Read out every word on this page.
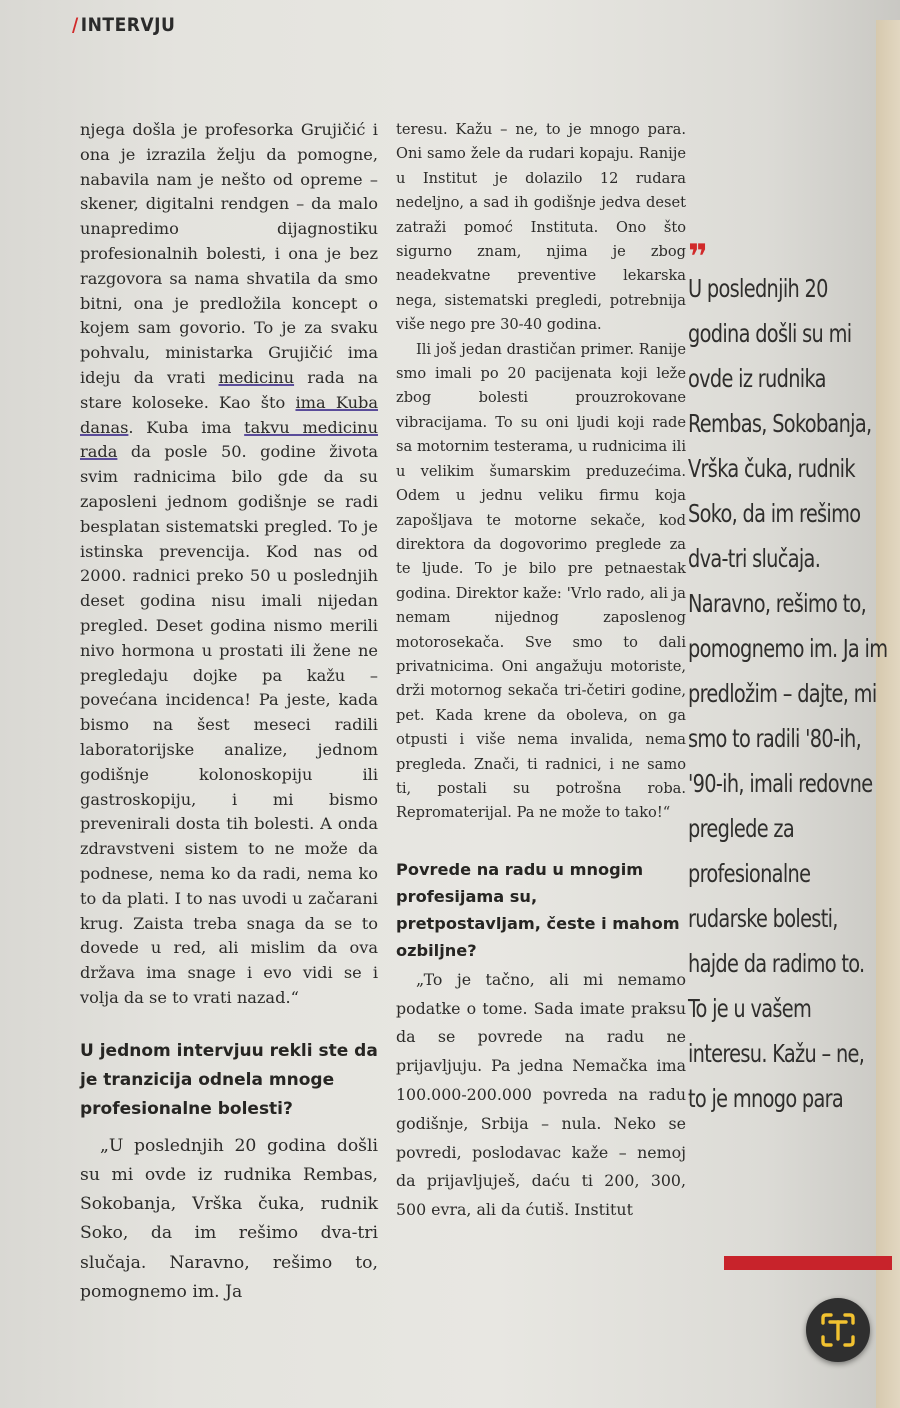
/ INTERVJU

njega došla je profesorka Grujičić i ona je izrazila želju da pomogne, nabavila nam je nešto od opreme – skener, digitalni rendgen – da malo unapredimo dijagnostiku profesionalnih bolesti, i ona je bez razgovora sa nama shvatila da smo bitni, ona je predložila koncept o kojem sam govorio. To je za svaku pohvalu, ministarka Grujičić ima ideju da vrati medicinu rada na stare koloseke. Kao što ima Kuba danas. Kuba ima takvu medicinu rada da posle 50. godine života svim radnicima bilo gde da su zaposleni jednom godišnje se radi besplatan sistematski pregled. To je istinska prevencija. Kod nas od 2000. radnici preko 50 u poslednjih deset godina nisu imali nijedan pregled. Deset godina nismo merili nivo hormona u prostati ili žene ne pregledaju dojke pa kažu – povećana incidenca! Pa jeste, kada bismo na šest meseci radili laboratorijske analize, jednom godišnje kolonoskopiju ili gastroskopiju, i mi bismo prevenirali dosta tih bolesti. A onda zdravstveni sistem to ne može da podnese, nema ko da radi, nema ko to da plati. I to nas uvodi u začarani krug. Zaista treba snaga da se to dovede u red, ali mislim da ova država ima snage i evo vidi se i volja da se to vrati nazad.“

U jednom intervjuu rekli ste da je tranzicija odnela mnoge profesionalne bolesti?

„U poslednjih 20 godina došli su mi ovde iz rudnika Rembas, Sokobanja, Vrška čuka, rudnik Soko, da im rešimo dva-tri slučaja. Naravno, rešimo to, pomognemo im. Ja

teresu. Kažu – ne, to je mnogo para. Oni samo žele da rudari kopaju. Ranije u Institut je dolazilo 12 rudara nedeljno, a sad ih godišnje jedva deset zatraži pomoć Instituta. Ono što sigurno znam, njima je zbog neadekvatne preventive lekarska nega, sistematski pregledi, potrebnija više nego pre 30-40 godina.

Ili još jedan drastičan primer. Ranije smo imali po 20 pacijenata koji leže zbog bolesti prouzrokovane vibracijama. To su oni ljudi koji rade sa motornim testerama, u rudnicima ili u velikim šumarskim preduzećima. Odem u jednu veliku firmu koja zapošljava te motorne sekače, kod direktora da dogovorimo preglede za te ljude. To je bilo pre petnaestak godina. Direktor kaže: 'Vrlo rado, ali ja nemam nijednog zaposlenog motorosekača. Sve smo to dali privatnicima. Oni angažuju motoriste, drži motornog sekača tri-četiri godine, pet. Kada krene da oboleva, on ga otpusti i više nema invalida, nema pregleda. Znači, ti radnici, i ne samo ti, postali su potrošna roba. Repromaterijal. Pa ne može to tako!“

Povrede na radu u mnogim profesijama su, pretpostavljam, česte i mahom ozbiljne?

„To je tačno, ali mi nemamo podatke o tome. Sada imate praksu da se povrede na radu ne prijavljuju. Pa jedna Nemačka ima 100.000-200.000 povreda na radu godišnje, Srbija – nula. Neko se povredi, poslodavac kaže – nemoj da prijavljuješ, daću ti 200, 300, 500 evra, ali da ćutiš. Institut

❞
U poslednjih 20 godina došli su mi ovde iz rudnika Rembas, Sokobanja, Vrška čuka, rudnik Soko, da im rešimo dva-tri slučaja. Naravno, rešimo to, pomognemo im. Ja im predložim – dajte, mi smo to radili '80-ih, '90-ih, imali redovne preglede za profesionalne rudarske bolesti, hajde da radimo to. To je u vašem interesu. Kažu – ne, to je mnogo para
